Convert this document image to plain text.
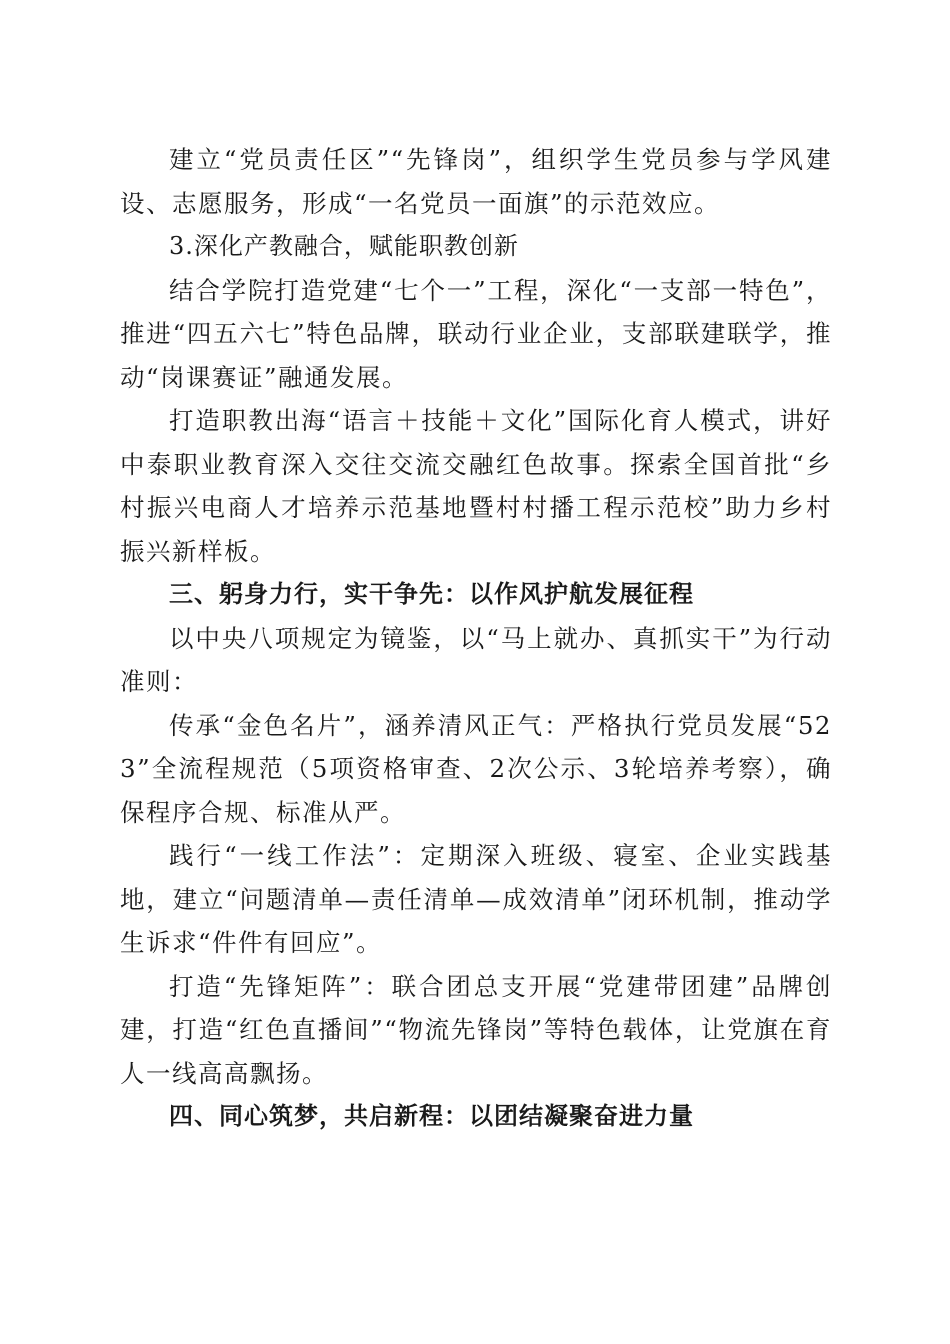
建立“党员责任区”“先锋岗”，组织学生党员参与学风建设、志愿服务，形成“一名党员一面旗”的示范效应。

3.深化产教融合，赋能职教创新

结合学院打造党建“七个一”工程，深化“一支部一特色”，推进“四五六七”特色品牌，联动行业企业，支部联建联学，推动“岗课赛证”融通发展。

打造职教出海“语言＋技能＋文化”国际化育人模式，讲好中泰职业教育深入交往交流交融红色故事。探索全国首批“乡村振兴电商人才培养示范基地暨村村播工程示范校”助力乡村振兴新样板。

三、躬身力行，实干争先：以作风护航发展征程

以中央八项规定为镜鉴，以“马上就办、真抓实干”为行动准则：

传承“金色名片”，涵养清风正气：严格执行党员发展“523”全流程规范（5项资格审查、2次公示、3轮培养考察），确保程序合规、标准从严。

践行“一线工作法”：定期深入班级、寝室、企业实践基地，建立“问题清单—责任清单—成效清单”闭环机制，推动学生诉求“件件有回应”。

打造“先锋矩阵”：联合团总支开展“党建带团建”品牌创建，打造“红色直播间”“物流先锋岗”等特色载体，让党旗在育人一线高高飘扬。

四、同心筑梦，共启新程：以团结凝聚奋进力量
